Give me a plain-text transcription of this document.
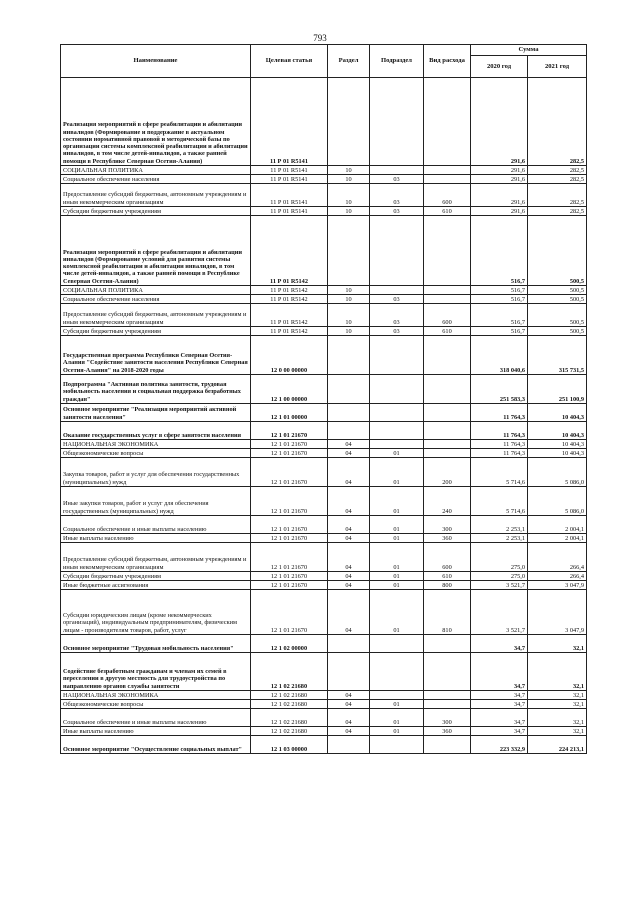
793
Наименование	Целевая статья	Раздел	Подраздел	Вид расхода	Сумма	
					2020 год	2021 год
Реализация мероприятий в сфере реабилитации и абилитации инвалидов (Формирование и поддержание в актуальном состоянии нормативной правовой и методической базы по организации системы комплексной реабилитации и абилитации инвалидов, в том числе детей-инвалидов, а также ранней помощи в Республике Северная Осетия-Алания)	11 Р 01 R5141				291,6	282,5
СОЦИАЛЬНАЯ ПОЛИТИКА	11 Р 01 R5141	10			291,6	282,5
Социальное обеспечение населения	11 Р 01 R5141	10	03		291,6	282,5
Предоставление субсидий бюджетным, автономным учреждениям и иным некоммерческим организациям	11 Р 01 R5141	10	03	600	291,6	282,5
Субсидии бюджетным учреждениям	11 Р 01 R5141	10	03	610	291,6	282,5
Реализация мероприятий в сфере реабилитации и абилитации инвалидов (Формирование условий для развития системы комплексной реабилитации и абилитации инвалидов, в том числе детей-инвалидов, а также ранней помощи в Республике Северная Осетия-Алания)	11 Р 01 R5142				516,7	500,5
СОЦИАЛЬНАЯ ПОЛИТИКА	11 Р 01 R5142	10			516,7	500,5
Социальное обеспечение населения	11 Р 01 R5142	10	03		516,7	500,5
Предоставление субсидий бюджетным, автономным учреждениям и иным некоммерческим организациям	11 Р 01 R5142	10	03	600	516,7	500,5
Субсидии бюджетным учреждениям	11 Р 01 R5142	10	03	610	516,7	500,5
Государственная программа Республики Северная Осетия-Алания "Содействие занятости населения Республики Северная Осетия-Алания" на 2018-2020 годы	12 0 00 00000				318 040,6	315 731,5
Подпрограмма "Активная политика занятости, трудовая мобильность населения и социальная поддержка безработных граждан"	12 1 00 00000				251 583,3	251 100,9
Основное мероприятие "Реализация мероприятий активной занятости населения"	12 1 01 00000				11 764,3	10 404,3
Оказание государственных услуг в сфере занятости населения	12 1 01 21670				11 764,3	10 404,3
НАЦИОНАЛЬНАЯ ЭКОНОМИКА	12 1 01 21670	04			11 764,3	10 404,3
Общеэкономические вопросы	12 1 01 21670	04	01		11 764,3	10 404,3
Закупка товаров, работ и услуг для обеспечения государственных (муниципальных) нужд	12 1 01 21670	04	01	200	5 714,6	5 086,0
Иные закупки товаров, работ и услуг для обеспечения государственных (муниципальных) нужд	12 1 01 21670	04	01	240	5 714,6	5 086,0
Социальное обеспечение и иные выплаты населению	12 1 01 21670	04	01	300	2 253,1	2 004,1
Иные выплаты населению	12 1 01 21670	04	01	360	2 253,1	2 004,1
Предоставление субсидий бюджетным, автономным учреждениям и иным некоммерческим организациям	12 1 01 21670	04	01	600	275,0	266,4
Субсидии бюджетным учреждениям	12 1 01 21670	04	01	610	275,0	266,4
Иные бюджетные ассигнования	12 1 01 21670	04	01	800	3 521,7	3 047,9
Субсидии юридическим лицам (кроме некоммерческих организаций), индивидуальным предпринимателям, физическим лицам - производителям товаров, работ, услуг	12 1 01 21670	04	01	810	3 521,7	3 047,9
Основное мероприятие "Трудовая мобильность населения"	12 1 02 00000				34,7	32,1
Содействие безработным гражданам и членам их семей в переселении в другую местность для трудоустройства по направлению органов службы занятости	12 1 02 21680				34,7	32,1
НАЦИОНАЛЬНАЯ ЭКОНОМИКА	12 1 02 21680	04			34,7	32,1
Общеэкономические вопросы	12 1 02 21680	04	01		34,7	32,1
Социальное обеспечение и иные выплаты населению	12 1 02 21680	04	01	300	34,7	32,1
Иные выплаты населению	12 1 02 21680	04	01	360	34,7	32,1
Основное мероприятие "Осуществление социальных выплат"	12 1 03 00000				223 332,9	224 213,1
